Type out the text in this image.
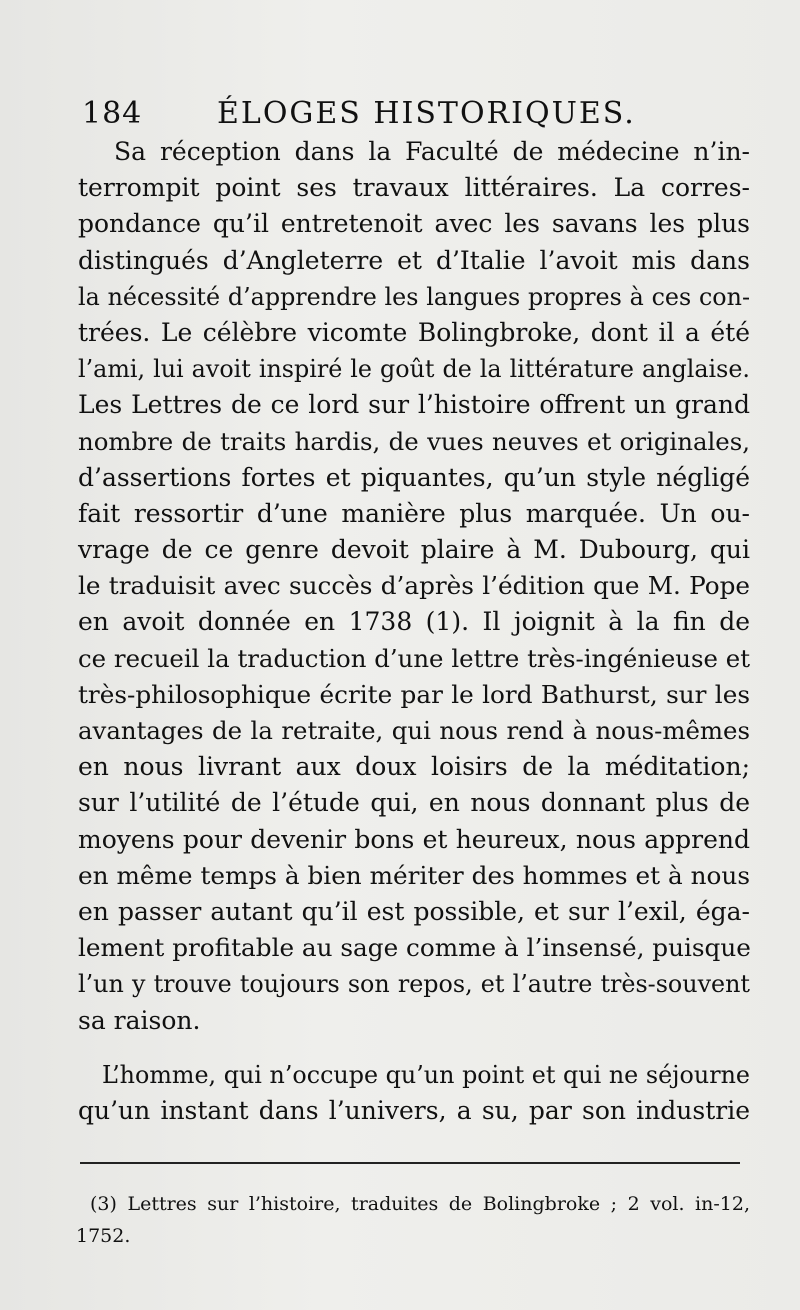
184 ÉLOGES HISTORIQUES.
Sa réception dans la Faculté de médecine n’in-
terrompit point ses travaux littéraires. La corres-
pondance qu’il entretenoit avec les savans les plus
distingués d’Angleterre et d’Italie l’avoit mis dans
la nécessité d’apprendre les langues propres à ces con-
trées. Le célèbre vicomte Bolingbroke, dont il a été
l’ami, lui avoit inspiré le goût de la littérature anglaise.
Les Lettres de ce lord sur l’histoire offrent un grand
nombre de traits hardis, de vues neuves et originales,
d’assertions fortes et piquantes, qu’un style négligé
fait ressortir d’une manière plus marquée. Un ou-
vrage de ce genre devoit plaire à M. Dubourg, qui
le traduisit avec succès d’après l’édition que M. Pope
en avoit donnée en 1738 (1). Il joignit à la fin de
ce recueil la traduction d’une lettre très-ingénieuse et
très-philosophique écrite par le lord Bathurst, sur les
avantages de la retraite, qui nous rend à nous-mêmes
en nous livrant aux doux loisirs de la méditation;
sur l’utilité de l’étude qui, en nous donnant plus de
moyens pour devenir bons et heureux, nous apprend
en même temps à bien mériter des hommes et à nous
en passer autant qu’il est possible, et sur l’exil, éga-
lement profitable au sage comme à l’insensé, puisque
l’un y trouve toujours son repos, et l’autre très-souvent
sa raison.
L’homme, qui n’occupe qu’un point et qui ne séjourne
qu’un instant dans l’univers, a su, par son industrie
(3) Lettres sur l’histoire, traduites de Bolingbroke ; 2 vol. in-12,
1752.
